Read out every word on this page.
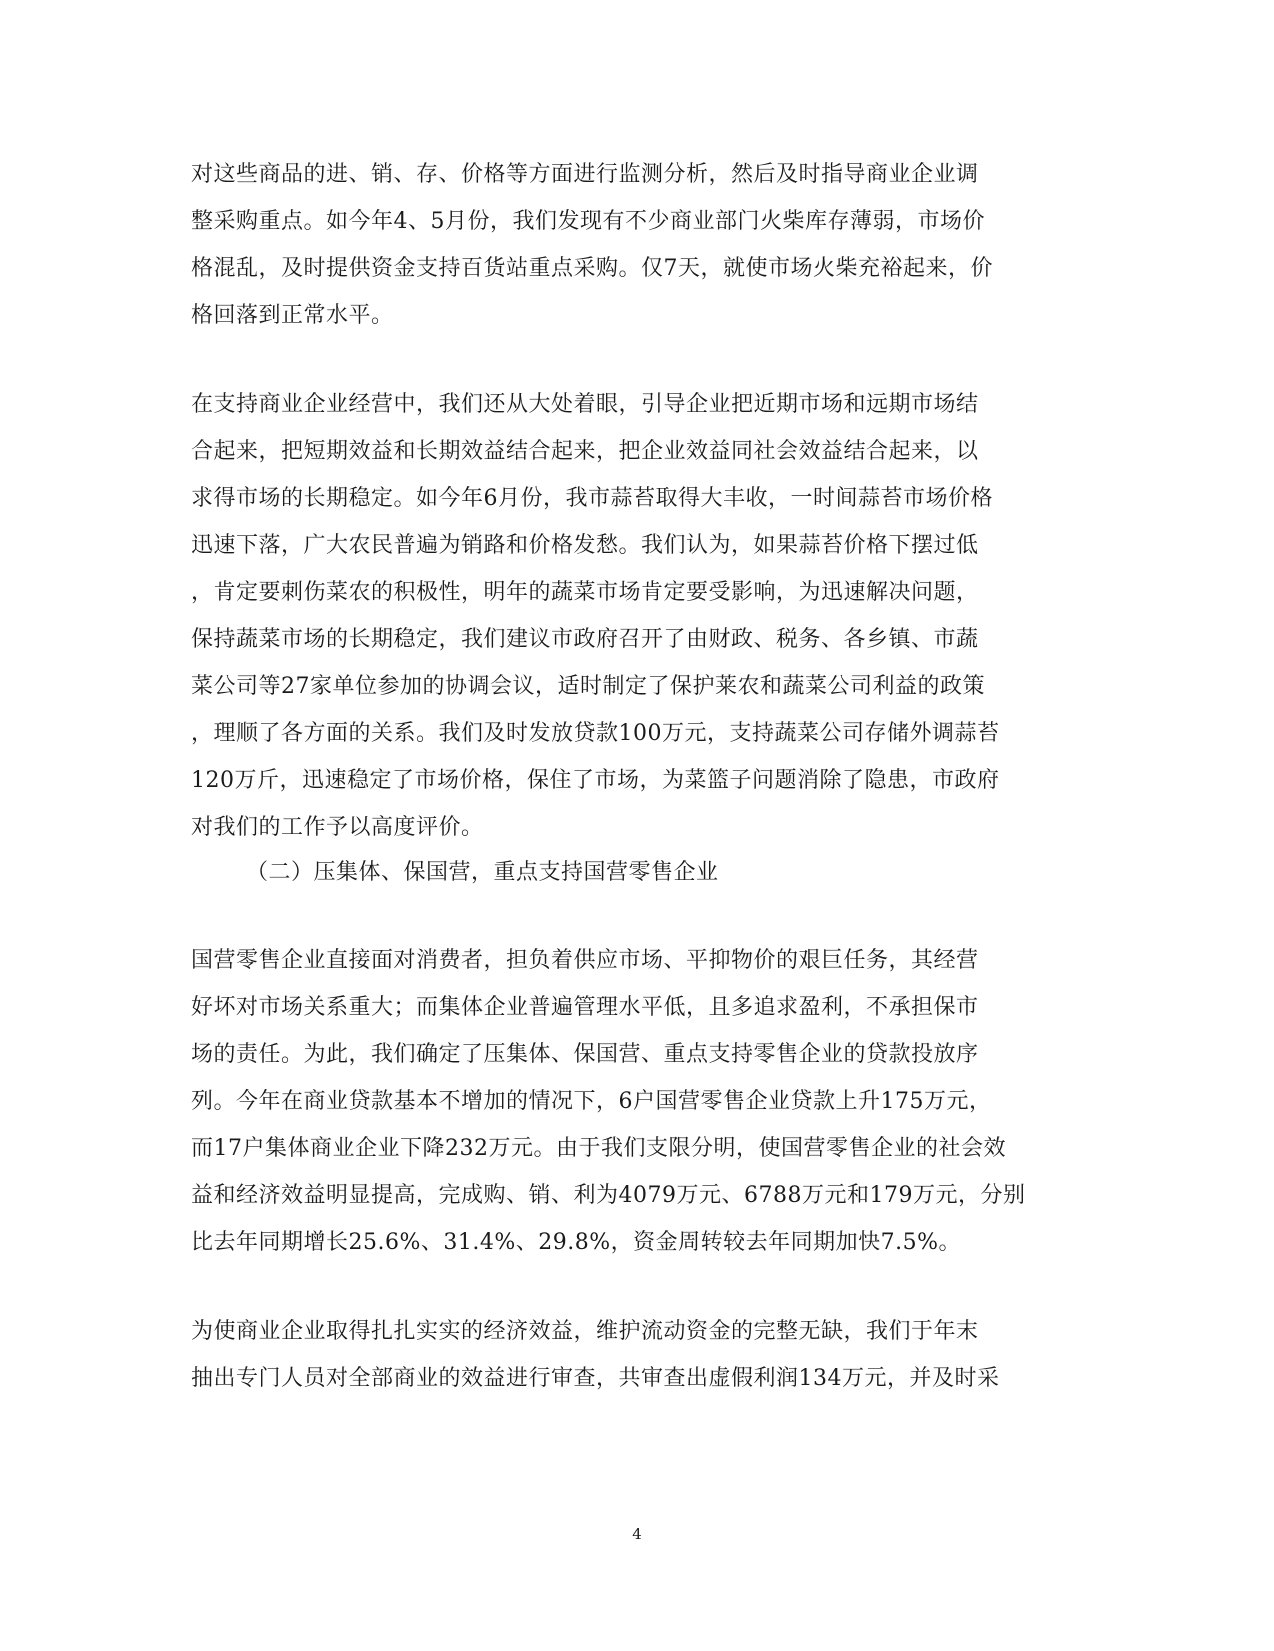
对这些商品的进、销、存、价格等方面进行监测分析，然后及时指导商业企业调
整采购重点。如今年4、5月份，我们发现有不少商业部门火柴库存薄弱，市场价
格混乱，及时提供资金支持百货站重点采购。仅7天，就使市场火柴充裕起来，价
格回落到正常水平。
在支持商业企业经营中，我们还从大处着眼，引导企业把近期市场和远期市场结
合起来，把短期效益和长期效益结合起来，把企业效益同社会效益结合起来，以
求得市场的长期稳定。如今年6月份，我市蒜苔取得大丰收，一时间蒜苔市场价格
迅速下落，广大农民普遍为销路和价格发愁。我们认为，如果蒜苔价格下摆过低
，肯定要刺伤菜农的积极性，明年的蔬菜市场肯定要受影响，为迅速解决问题，
保持蔬菜市场的长期稳定，我们建议市政府召开了由财政、税务、各乡镇、市蔬
菜公司等27家单位参加的协调会议，适时制定了保护莱农和蔬菜公司利益的政策
，理顺了各方面的关系。我们及时发放贷款100万元，支持蔬菜公司存储外调蒜苔
120万斤，迅速稳定了市场价格，保住了市场，为菜篮子问题消除了隐患，市政府
对我们的工作予以高度评价。
（二）压集体、保国营，重点支持国营零售企业
国营零售企业直接面对消费者，担负着供应市场、平抑物价的艰巨任务，其经营
好坏对市场关系重大；而集体企业普遍管理水平低，且多追求盈利，不承担保市
场的责任。为此，我们确定了压集体、保国营、重点支持零售企业的贷款投放序
列。今年在商业贷款基本不增加的情况下，6户国营零售企业贷款上升175万元，
而17户集体商业企业下降232万元。由于我们支限分明，使国营零售企业的社会效
益和经济效益明显提高，完成购、销、利为4079万元、6788万元和179万元，分别
比去年同期增长25.6%、31.4%、29.8%，资金周转较去年同期加快7.5%。
为使商业企业取得扎扎实实的经济效益，维护流动资金的完整无缺，我们于年末
抽出专门人员对全部商业的效益进行审查，共审查出虚假利润134万元，并及时采
4
